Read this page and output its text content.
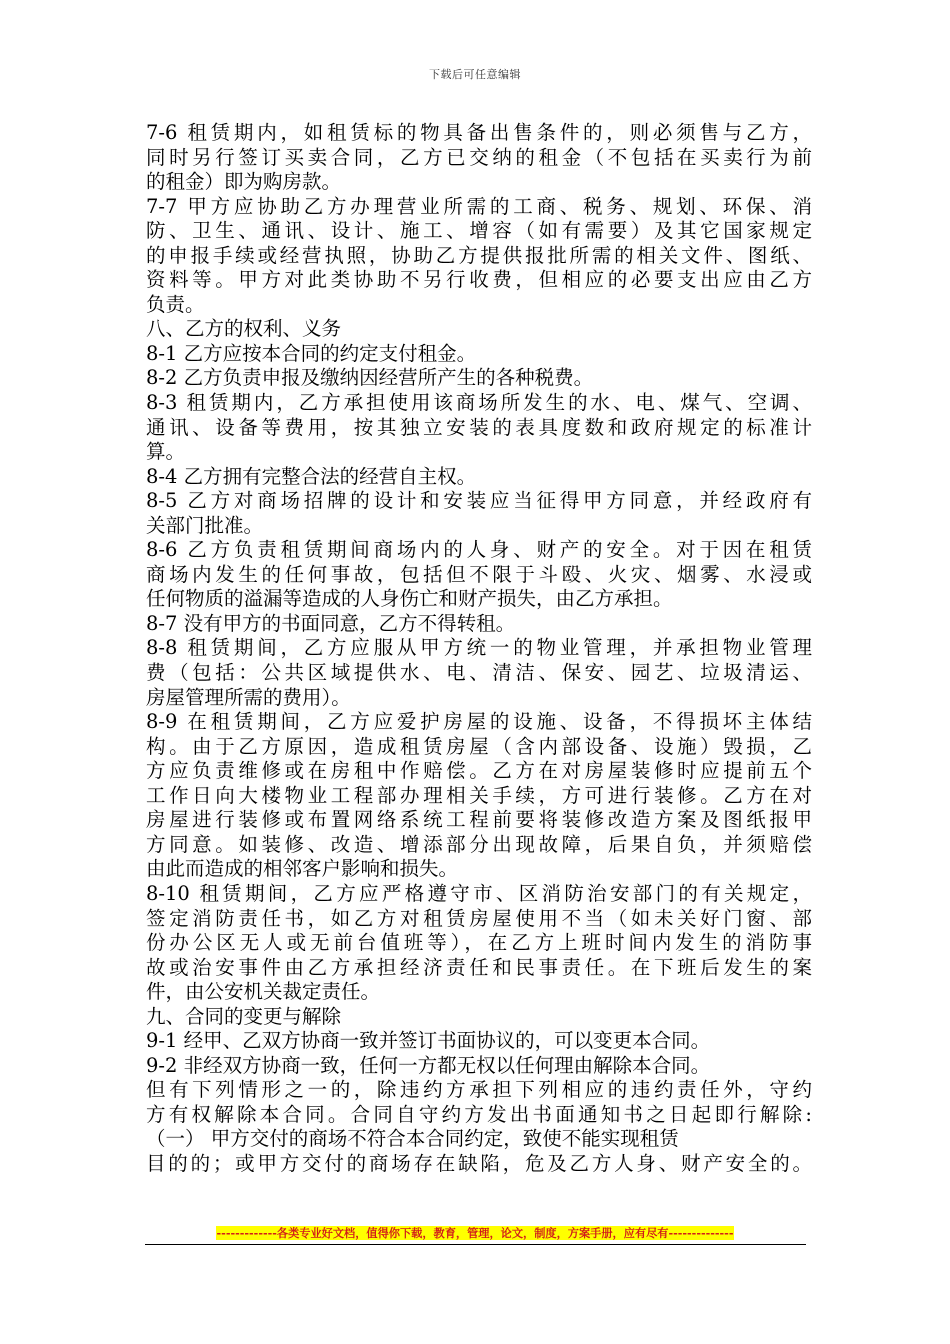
下载后可任意编辑
7-6 租赁期内，如租赁标的物具备出售条件的，则必须售与乙方，
同时另行签订买卖合同，乙方已交纳的租金（不包括在买卖行为前
的租金）即为购房款。
7-7 甲方应协助乙方办理营业所需的工商、税务、规划、环保、消
防、卫生、通讯、设计、施工、增容（如有需要）及其它国家规定
的申报手续或经营执照，协助乙方提供报批所需的相关文件、图纸、
资料等。甲方对此类协助不另行收费，但相应的必要支出应由乙方
负责。
八、乙方的权利、义务
8-1 乙方应按本合同的约定支付租金。
8-2 乙方负责申报及缴纳因经营所产生的各种税费。
8-3 租赁期内，乙方承担使用该商场所发生的水、电、煤气、空调、
通讯、设备等费用，按其独立安装的表具度数和政府规定的标准计
算。
8-4 乙方拥有完整合法的经营自主权。
8-5 乙方对商场招牌的设计和安装应当征得甲方同意，并经政府有
关部门批准。
8-6 乙方负责租赁期间商场内的人身、财产的安全。对于因在租赁
商场内发生的任何事故，包括但不限于斗殴、火灾、烟雾、水浸或
任何物质的溢漏等造成的人身伤亡和财产损失，由乙方承担。
8-7 没有甲方的书面同意，乙方不得转租。
8-8 租赁期间，乙方应服从甲方统一的物业管理，并承担物业管理
费（包括：公共区域提供水、电、清洁、保安、园艺、垃圾清运、
房屋管理所需的费用）。
8-9 在租赁期间，乙方应爱护房屋的设施、设备，不得损坏主体结
构。由于乙方原因，造成租赁房屋（含内部设备、设施）毁损，乙
方应负责维修或在房租中作赔偿。乙方在对房屋装修时应提前五个
工作日向大楼物业工程部办理相关手续，方可进行装修。乙方在对
房屋进行装修或布置网络系统工程前要将装修改造方案及图纸报甲
方同意。如装修、改造、增添部分出现故障，后果自负，并须赔偿
由此而造成的相邻客户影响和损失。
8-10 租赁期间，乙方应严格遵守市、区消防治安部门的有关规定，
签定消防责任书，如乙方对租赁房屋使用不当（如未关好门窗、部
份办公区无人或无前台值班等），在乙方上班时间内发生的消防事
故或治安事件由乙方承担经济责任和民事责任。在下班后发生的案
件，由公安机关裁定责任。
九、合同的变更与解除
9-1 经甲、乙双方协商一致并签订书面协议的，可以变更本合同。
9-2 非经双方协商一致，任何一方都无权以任何理由解除本合同。
但有下列情形之一的，除违约方承担下列相应的违约责任外，守约
方有权解除本合同。合同自守约方发出书面通知书之日起即行解除:
（一） 甲方交付的商场不符合本合同约定，致使不能实现租赁
目的的；或甲方交付的商场存在缺陷，危及乙方人身、财产安全的。
-------------各类专业好文档，值得你下载，教育，管理，论文，制度，方案手册，应有尽有--------------
